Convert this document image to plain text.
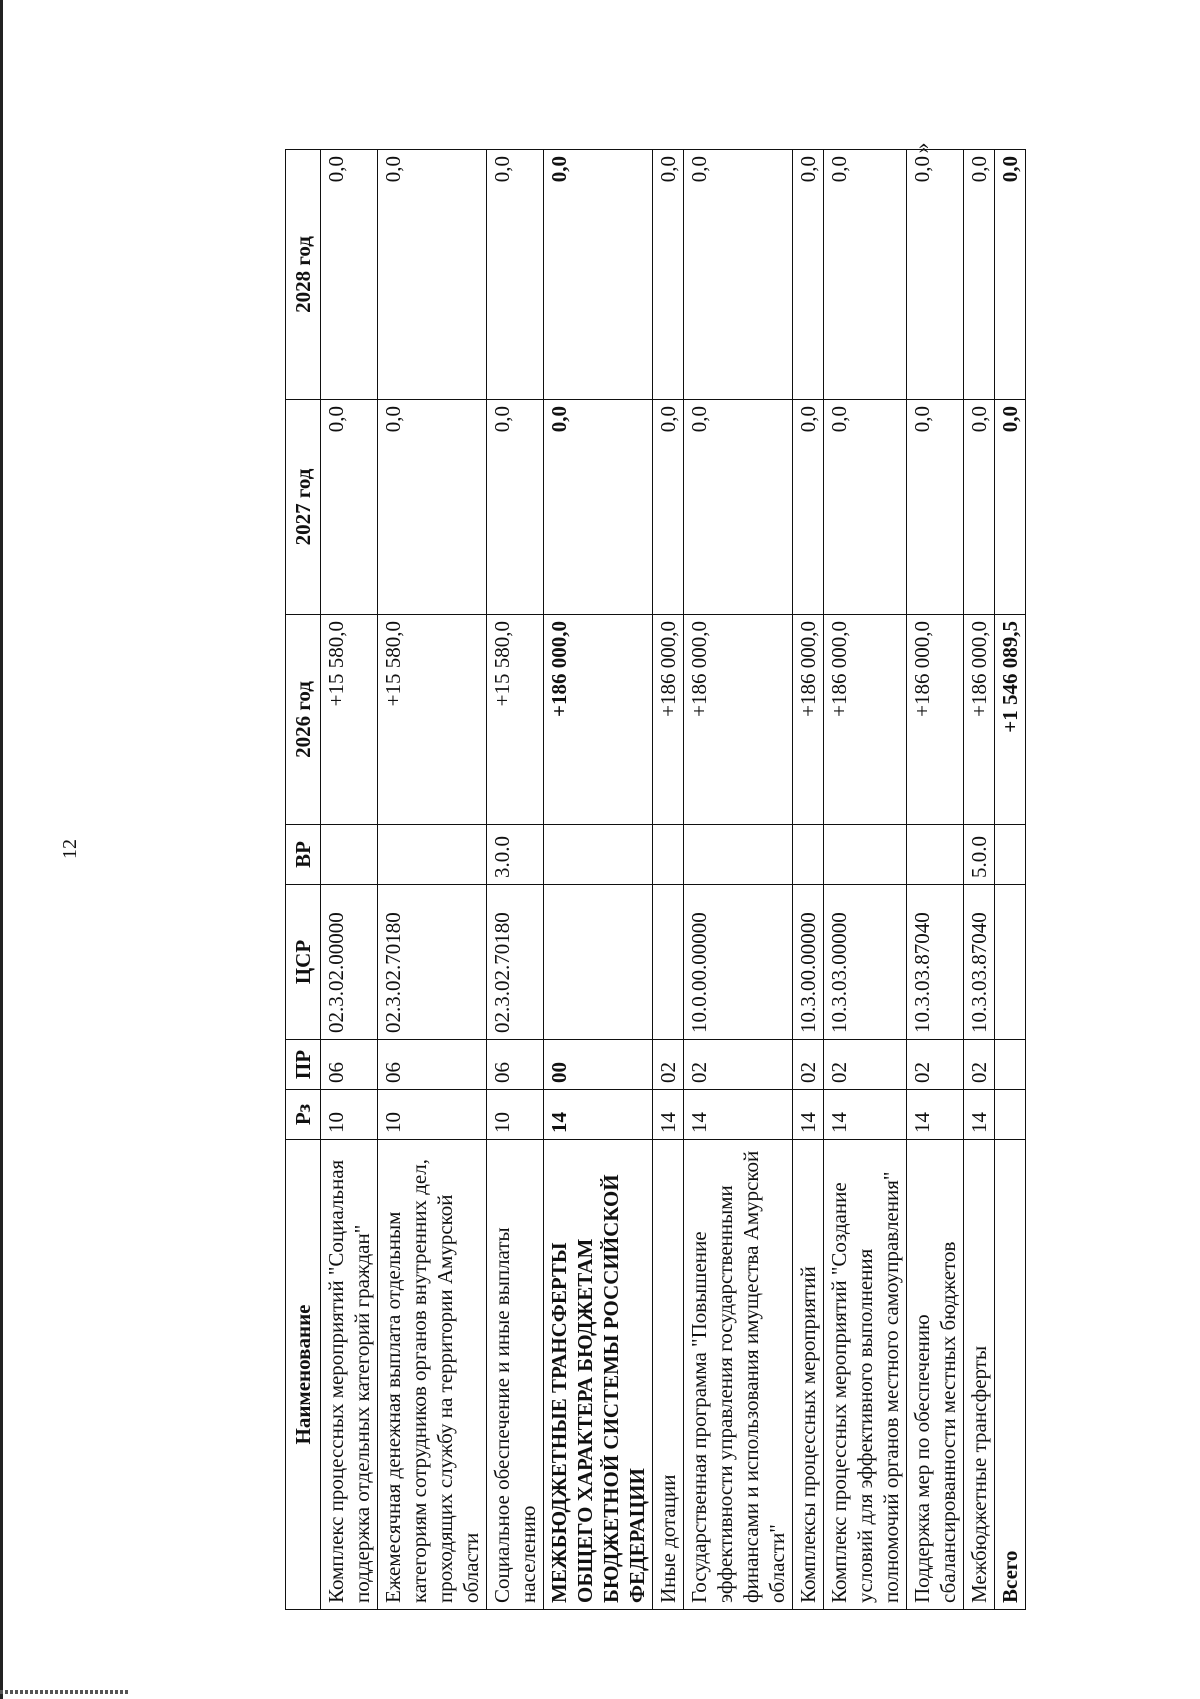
12
Наименование	Рз	ПР	ЦСР	ВР	2026 год	2027 год	2028 год
Комплекс процессных мероприятий "Социальная поддержка отдельных категорий граждан"	10	06	02.3.02.00000		+15 580,0	0,0	0,0
Ежемесячная денежная выплата отдельным категориям сотрудников органов внутренних дел, проходящих службу на территории Амурской области	10	06	02.3.02.70180		+15 580,0	0,0	0,0
Социальное обеспечение и иные выплаты населению	10	06	02.3.02.70180	3.0.0	+15 580,0	0,0	0,0
МЕЖБЮДЖЕТНЫЕ ТРАНСФЕРТЫ ОБЩЕГО ХАРАКТЕРА БЮДЖЕТАМ БЮДЖЕТНОЙ СИСТЕМЫ РОССИЙСКОЙ ФЕДЕРАЦИИ	14	00			+186 000,0	0,0	0,0
Иные дотации	14	02			+186 000,0	0,0	0,0
Государственная программа "Повышение эффективности управления государственными финансами и использования имущества Амурской области"	14	02	10.0.00.00000		+186 000,0	0,0	0,0
Комплексы процессных мероприятий	14	02	10.3.00.00000		+186 000,0	0,0	0,0
Комплекс процессных мероприятий "Создание условий для эффективного выполнения полномочий органов местного самоуправления"	14	02	10.3.03.00000		+186 000,0	0,0	0,0
Поддержка мер по обеспечению сбалансированности местных бюджетов	14	02	10.3.03.87040		+186 000,0	0,0	0,0
Межбюджетные трансферты	14	02	10.3.03.87040	5.0.0	+186 000,0	0,0	0,0
Всего					+1 546 089,5	0,0	0,0
»
